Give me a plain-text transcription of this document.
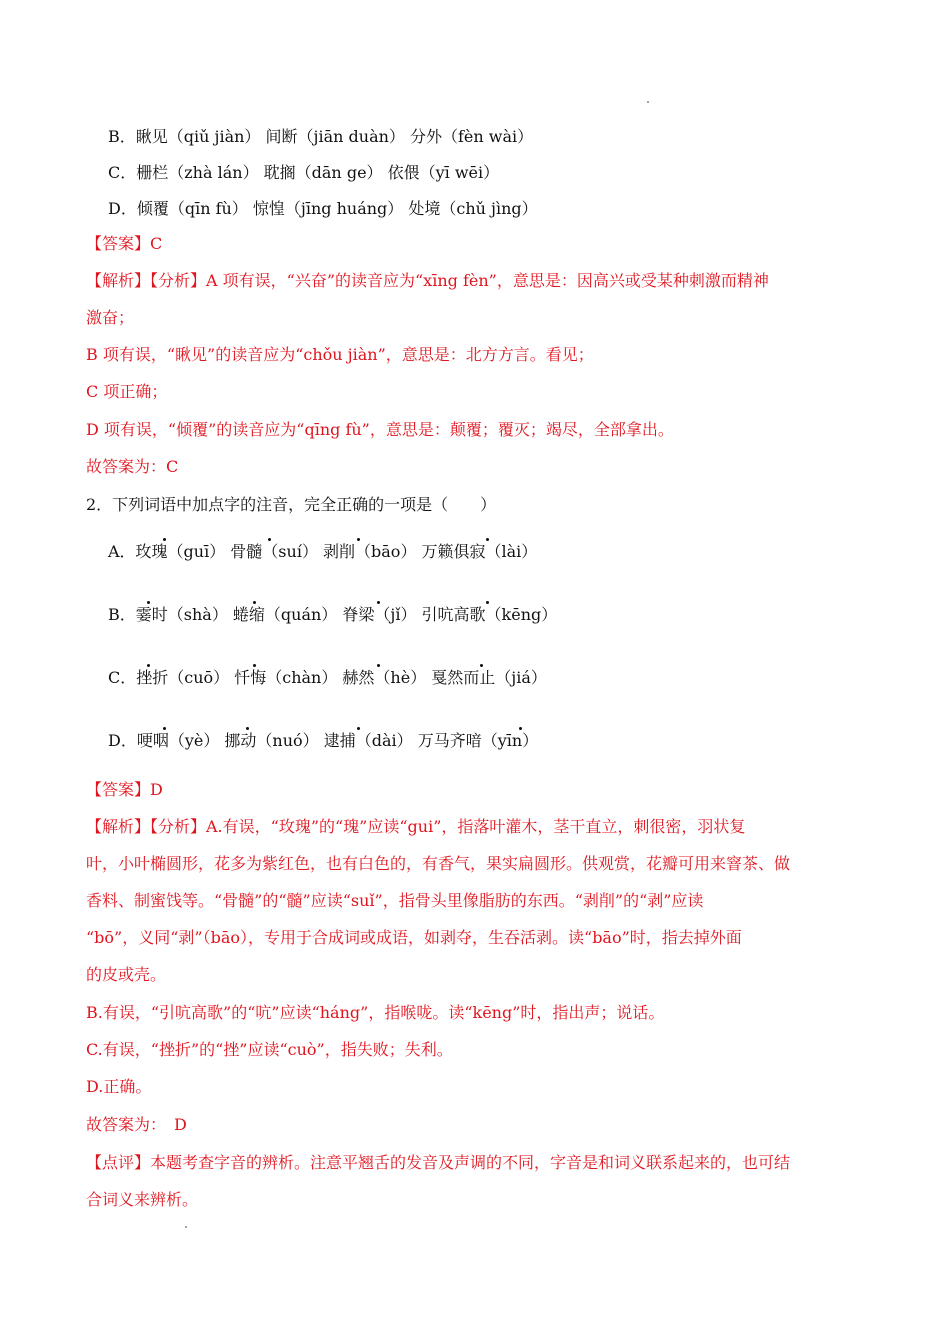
B．瞅见（qiǔ jiàn） 间断（jiān duàn） 分外（fèn wài）
C．栅栏（zhà lán） 耽搁（dān ge） 依偎（yī wēi）
D．倾覆（qīn fù） 惊惶（jīng huáng） 处境（chǔ jìng）
【答案】C
【解析】【分析】A 项有误，“兴奋”的读音应为“xīng fèn”，意思是：因高兴或受某种刺激而精神
激奋；
B 项有误，“瞅见”的读音应为“chǒu jiàn”，意思是：北方方言。看见；
C 项正确；
D 项有误，“倾覆”的读音应为“qīng fù”，意思是：颠覆；覆灭；竭尽，全部拿出。
故答案为：C
2．下列词语中加点字的注音，完全正确的一项是（　　）
A．玫瑰（guī） 骨髓（suí） 剥削（bāo） 万籁俱寂（lài）
B．霎时（shà） 蜷缩（quán） 脊梁（jǐ） 引吭高歌（kēng）
C．挫折（cuō） 忏悔（chàn） 赫然（hè） 戛然而止（jiá）
D．哽咽（yè） 挪动（nuó） 逮捕（dài） 万马齐喑（yīn）
【答案】D
【解析】【分析】A.有误，“玫瑰”的“瑰”应读“gui”，指落叶灌木，茎干直立，刺很密，羽状复
叶，小叶椭圆形，花多为紫红色，也有白色的，有香气，果实扁圆形。供观赏，花瓣可用来窨茶、做
香料、制蜜饯等。“骨髓”的“髓”应读“suǐ”，指骨头里像脂肪的东西。“剥削”的“剥”应读
“bō”，义同“剥”（bāo），专用于合成词或成语，如剥夺，生吞活剥。读“bāo”时，指去掉外面
的皮或壳。
B.有误，“引吭高歌”的“吭”应读“háng”，指喉咙。读“kēng”时，指出声；说话。
C.有误，“挫折”的“挫”应读“cuò”，指失败；失利。
D.正确。
故答案为：　D
【点评】本题考查字音的辨析。注意平翘舌的发音及声调的不同，字音是和词义联系起来的，也可结
合词义来辨析。
